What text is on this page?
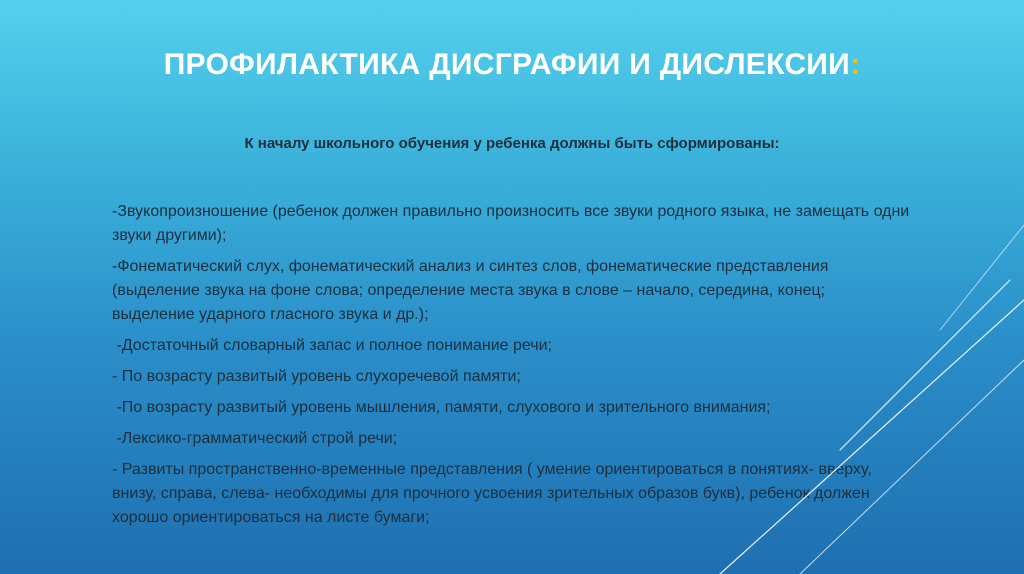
ПРОФИЛАКТИКА ДИСГРАФИИ И ДИСЛЕКСИИ:
К началу школьного обучения у ребенка должны быть сформированы:
-Звукопроизношение (ребенок должен правильно произносить все звуки родного языка, не замещать одни звуки другими);
-Фонематический слух, фонематический анализ и синтез слов, фонематические представления (выделение звука на фоне слова; определение места звука в слове – начало, середина, конец; выделение ударного гласного звука и др.);
-Достаточный словарный запас и полное понимание речи;
- По возрасту развитый уровень слухоречевой памяти;
-По возрасту развитый уровень мышления, памяти, слухового и зрительного внимания;
-Лексико-грамматический строй речи;
- Развиты пространственно-временные представления ( умение ориентироваться в понятиях- вверху, внизу, справа, слева- необходимы для прочного усвоения зрительных образов букв), ребенок должен хорошо ориентироваться на листе бумаги;
